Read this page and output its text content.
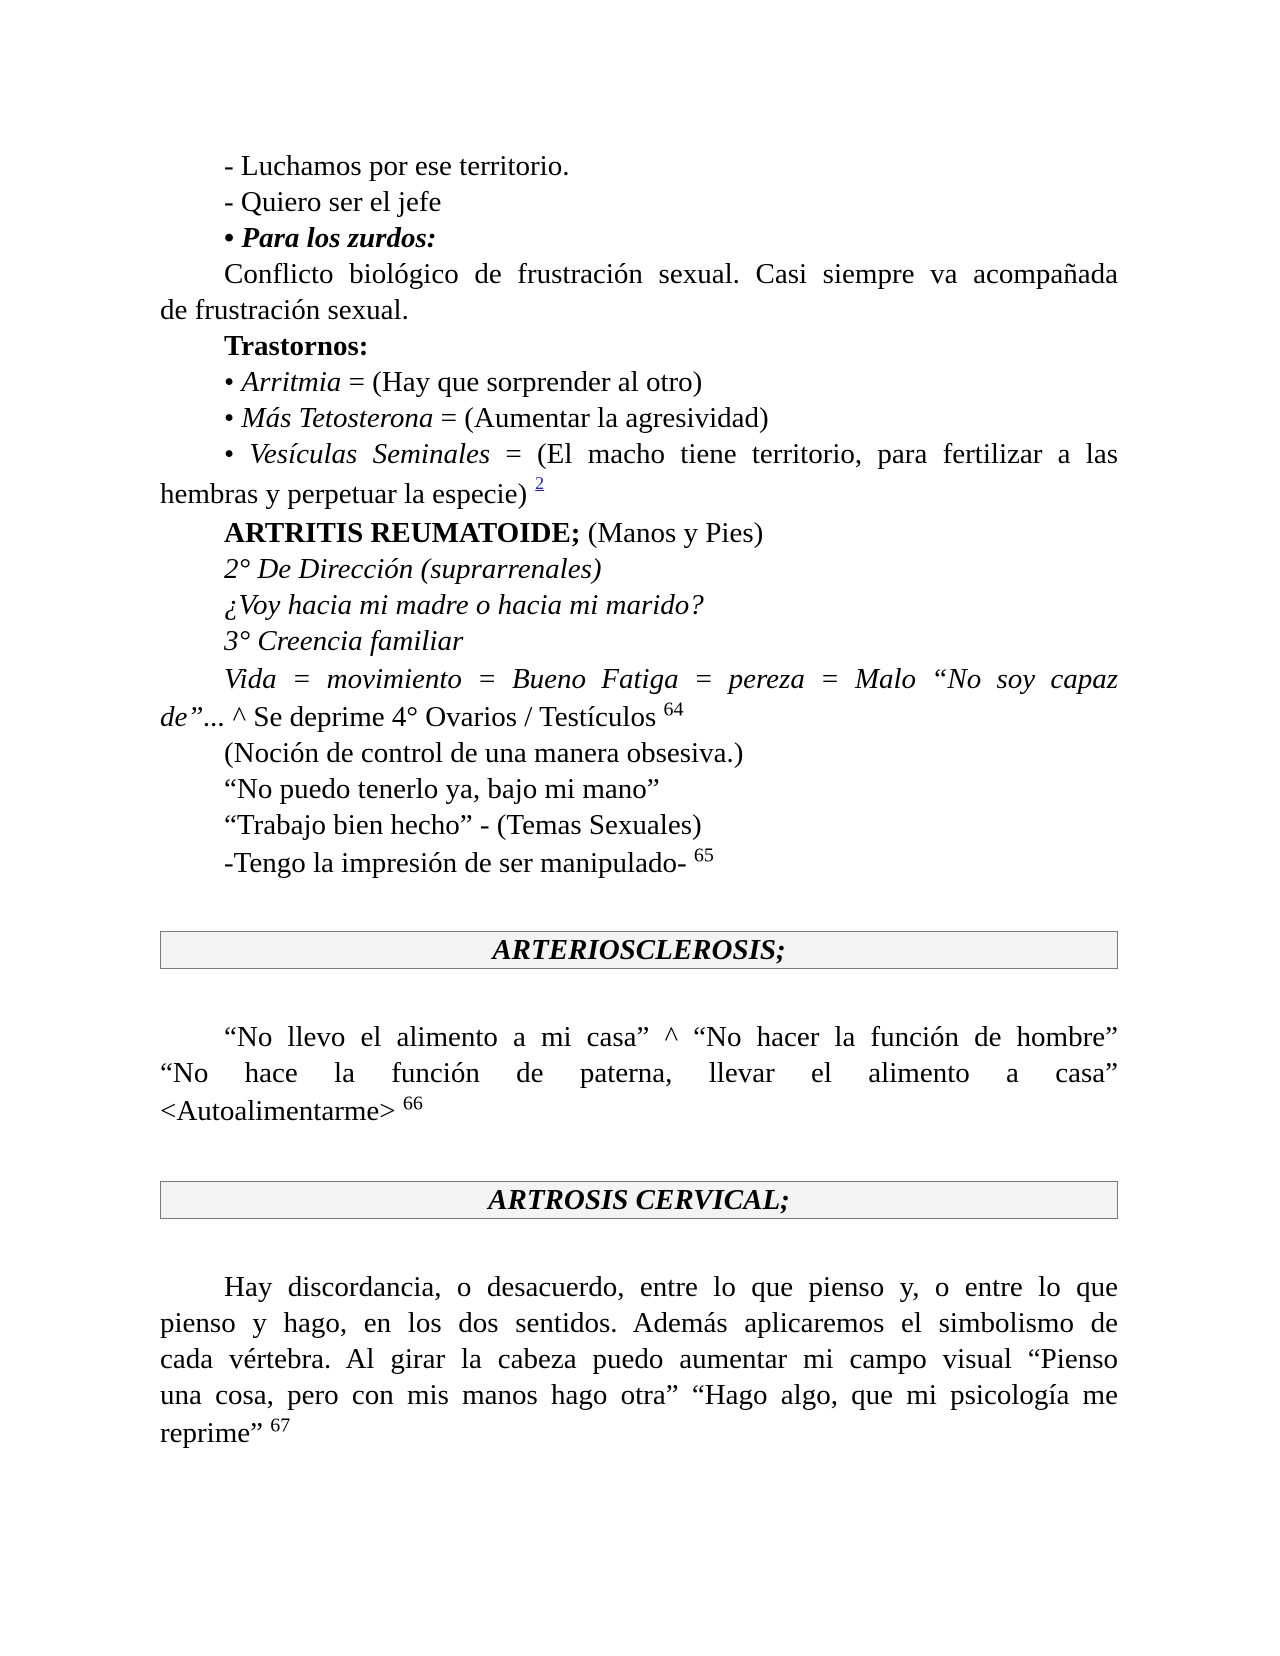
- Luchamos por ese territorio.
- Quiero ser el jefe
• Para los zurdos:
Conflicto biológico de frustración sexual. Casi siempre va acompañada
de frustración sexual.
Trastornos:
• Arritmia = (Hay que sorprender al otro)
• Más Tetosterona = (Aumentar la agresividad)
• Vesículas Seminales = (El macho tiene territorio, para fertilizar a las
hembras y perpetuar la especie) $^2$
ARTRITIS REUMATOIDE; (Manos y Pies)
2° De Dirección (suprarrenales)
¿Voy hacia mi madre o hacia mi marido?
3° Creencia familiar
Vida = movimiento = Bueno Fatiga = pereza = Malo “No soy capaz
de”... ^ Se deprime 4° Ovarios / Testículos $^{64}$
(Noción de control de una manera obsesiva.)
“No puedo tenerlo ya, bajo mi mano”
“Trabajo bien hecho” - (Temas Sexuales)
-Tengo la impresión de ser manipulado- $^{65}$
ARTERIOSCLEROSIS;
“No llevo el alimento a mi casa” ^ “No hacer la función de hombre”
“No hace la función de paterna, llevar el alimento a casa”
<Autoalimentarme> $^{66}$
ARTROSIS CERVICAL;
Hay discordancia, o desacuerdo, entre lo que pienso y, o entre lo que
pienso y hago, en los dos sentidos. Además aplicaremos el simbolismo de
cada vértebra. Al girar la cabeza puedo aumentar mi campo visual “Pienso
una cosa, pero con mis manos hago otra” “Hago algo, que mi psicología me
reprime” $^{67}$
